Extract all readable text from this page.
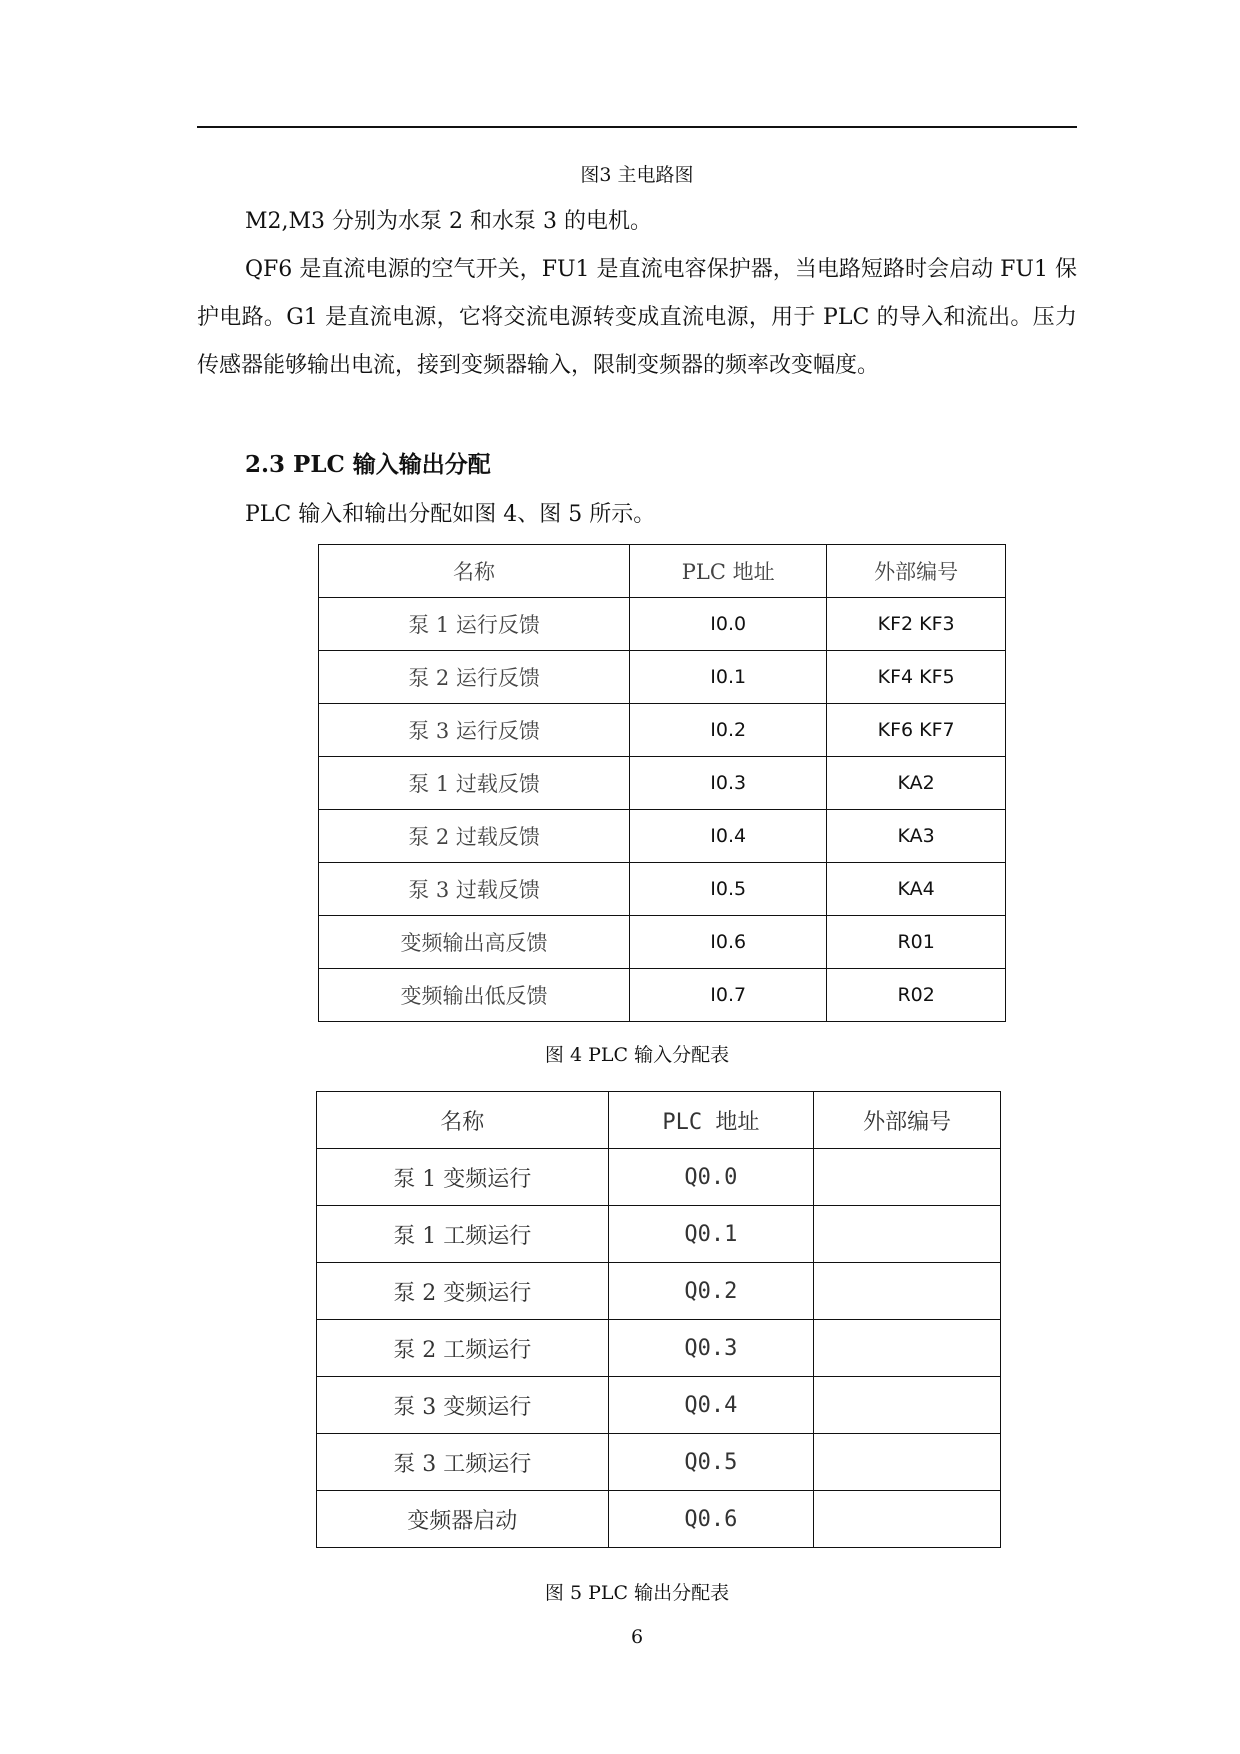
图3 主电路图
M2,M3 分别为水泵 2 和水泵 3 的电机。
QF6 是直流电源的空气开关，FU1 是直流电容保护器，当电路短路时会启动 FU1 保护电路。G1 是直流电源，它将交流电源转变成直流电源，用于 PLC 的导入和流出。压力传感器能够输出电流，接到变频器输入，限制变频器的频率改变幅度。
2.3 PLC 输入输出分配
PLC 输入和输出分配如图 4、图 5 所示。
名称	PLC 地址	外部编号
泵 1 运行反馈	I0.0	KF2 KF3
泵 2 运行反馈	I0.1	KF4 KF5
泵 3 运行反馈	I0.2	KF6 KF7
泵 1 过载反馈	I0.3	KA2
泵 2 过载反馈	I0.4	KA3
泵 3 过载反馈	I0.5	KA4
变频输出高反馈	I0.6	R01
变频输出低反馈	I0.7	R02
图 4 PLC 输入分配表
名称	PLC 地址	外部编号
泵 1 变频运行	Q0.0	
泵 1 工频运行	Q0.1	
泵 2 变频运行	Q0.2	
泵 2 工频运行	Q0.3	
泵 3 变频运行	Q0.4	
泵 3 工频运行	Q0.5	
变频器启动	Q0.6	
图 5 PLC 输出分配表
6
